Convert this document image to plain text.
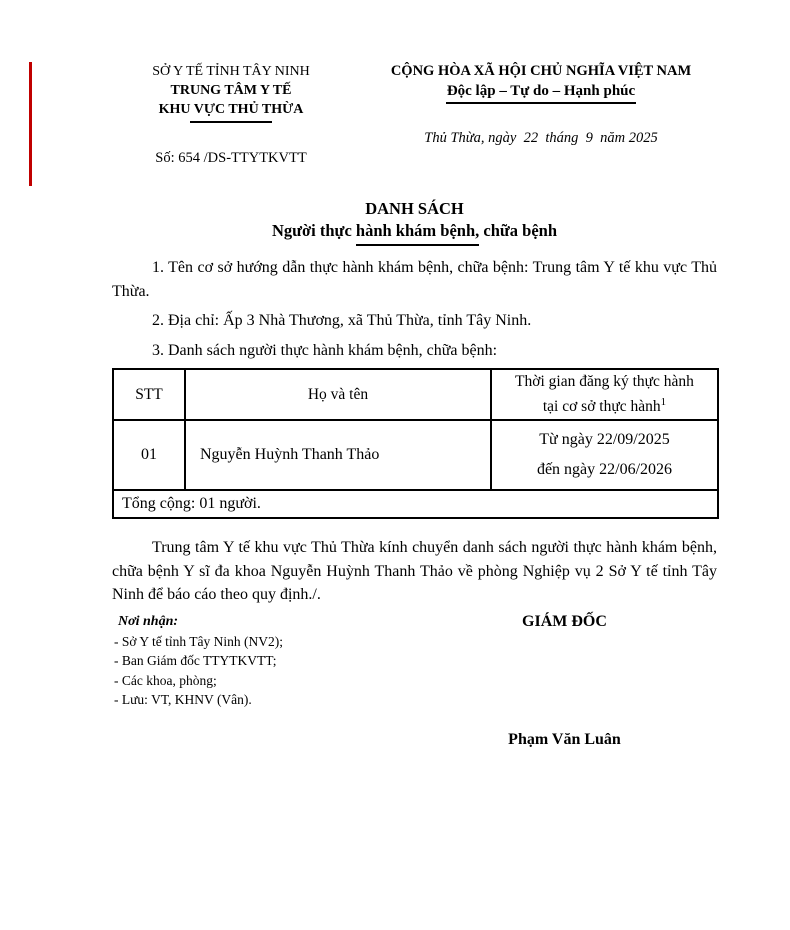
SỞ Y TẾ TỈNH TÂY NINH
TRUNG TÂM Y TẾ
KHU VỰC THỦ THỪA
Số: 654 /DS-TTYTKVTT
CỘNG HÒA XÃ HỘI CHỦ NGHĨA VIỆT NAM
Độc lập – Tự do – Hạnh phúc
Thủ Thừa, ngày  22  tháng  9  năm 2025
DANH SÁCH
Người thực hành khám bệnh, chữa bệnh

1. Tên cơ sở hướng dẫn thực hành khám bệnh, chữa bệnh: Trung tâm Y tế khu vực Thủ Thừa.

2. Địa chỉ: Ấp 3 Nhà Thương, xã Thủ Thừa, tỉnh Tây Ninh.

3. Danh sách người thực hành khám bệnh, chữa bệnh:

STT	Họ và tên	Thời gian đăng ký thực hành
tại cơ sở thực hành$^1$
01	Nguyễn Huỳnh Thanh Thảo	Từ ngày 22/09/2025
đến ngày 22/06/2026

Tổng cộng: 01 người.		

Trung tâm Y tế khu vực Thủ Thừa kính chuyển danh sách người thực hành khám bệnh, chữa bệnh Y sĩ đa khoa Nguyễn Huỳnh Thanh Thảo về phòng Nghiệp vụ 2 Sở Y tế tỉnh Tây Ninh để báo cáo theo quy định./.

Nơi nhận:
- Sở Y tế tỉnh Tây Ninh (NV2);
- Ban Giám đốc TTYTKVTT;
- Các khoa, phòng;
- Lưu: VT, KHNV (Vân).
GIÁM ĐỐC
Phạm Văn Luân
